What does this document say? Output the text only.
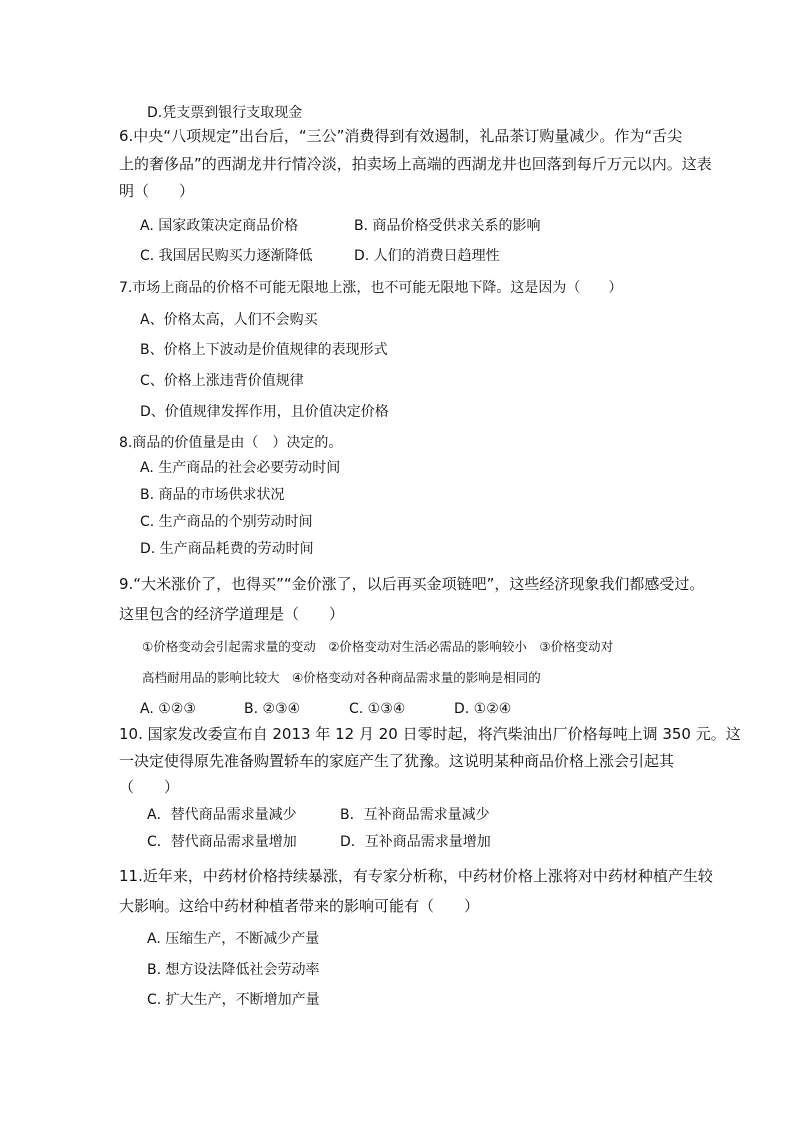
D.凭支票到银行支取现金
6.中央“八项规定”出台后，“三公”消费得到有效遏制，礼品茶订购量减少。作为“舌尖
上的奢侈品”的西湖龙井行情冷淡，拍卖场上高端的西湖龙井也回落到每斤万元以内。这表
明（　　）
A. 国家政策决定商品价格	B. 商品价格受供求关系的影响
C. 我国居民购买力逐渐降低	D. 人们的消费日趋理性
7.市场上商品的价格不可能无限地上涨，也不可能无限地下降。这是因为（　　）
A、价格太高，人们不会购买
B、价格上下波动是价值规律的表现形式
C、价格上涨违背价值规律
D、价值规律发挥作用，且价值决定价格
8.商品的价值量是由（　）决定的。
A. 生产商品的社会必要劳动时间
B. 商品的市场供求状况
C. 生产商品的个别劳动时间
D. 生产商品耗费的劳动时间
9.“大米涨价了，也得买”“金价涨了，以后再买金项链吧”，这些经济现象我们都感受过。
这里包含的经济学道理是（　　）
①价格变动会引起需求量的变动　②价格变动对生活必需品的影响较小　③价格变动对
高档耐用品的影响比较大　④价格变动对各种商品需求量的影响是相同的
A. ①②③	B. ②③④	C. ①③④	D. ①②④
10. 国家发改委宣布自 2013 年 12 月 20 日零时起，将汽柴油出厂价格每吨上调 350 元。这
一决定使得原先准备购置轿车的家庭产生了犹豫。这说明某种商品价格上涨会引起其
（　　）
A．替代商品需求量减少	B．互补商品需求量减少
C．替代商品需求量增加	D．互补商品需求量增加
11.近年来，中药材价格持续暴涨，有专家分析称，中药材价格上涨将对中药材种植产生较
大影响。这给中药材种植者带来的影响可能有（　　）
A. 压缩生产，不断减少产量
B. 想方设法降低社会劳动率
C. 扩大生产，不断增加产量
